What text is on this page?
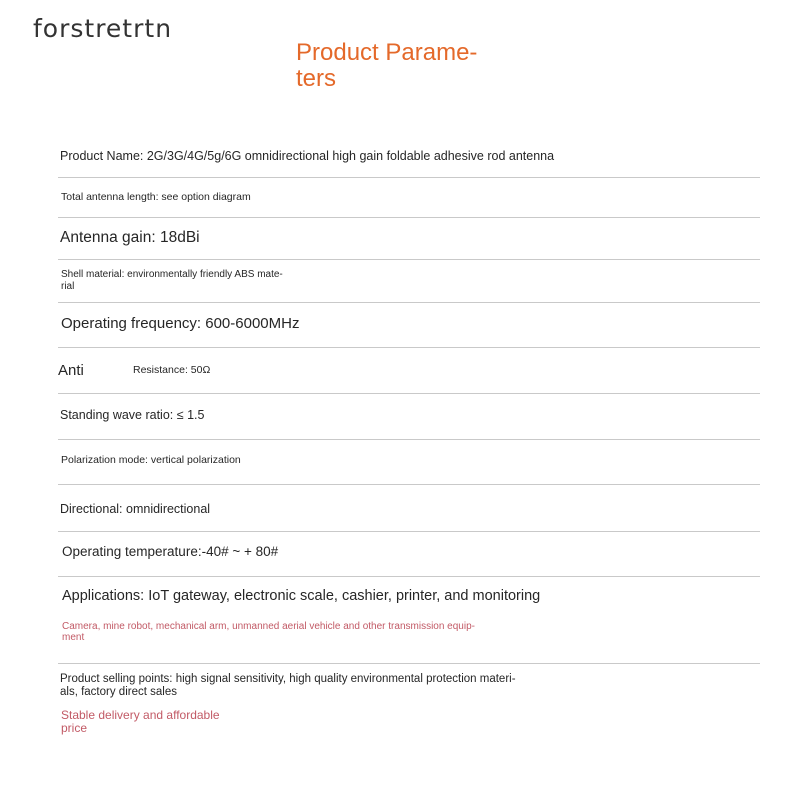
forstretrtn
Product Parame-
ters
Product Name: 2G/3G/4G/5g/6G omnidirectional high gain foldable adhesive rod antenna
Total antenna length: see option diagram
Antenna gain: 18dBi
Shell material: environmentally friendly ABS mate-
rial
Operating frequency: 600-6000MHz
Anti	Resistance: 50Ω
Standing wave ratio: ≤ 1.5
Polarization mode: vertical polarization
Directional: omnidirectional
Operating temperature:-40# ~ + 80#
Applications: IoT gateway, electronic scale, cashier, printer, and monitoring
Camera, mine robot, mechanical arm, unmanned aerial vehicle and other transmission equip-
ment
Product selling points: high signal sensitivity, high quality environmental protection materi-
als, factory direct sales
Stable delivery and affordable
price
